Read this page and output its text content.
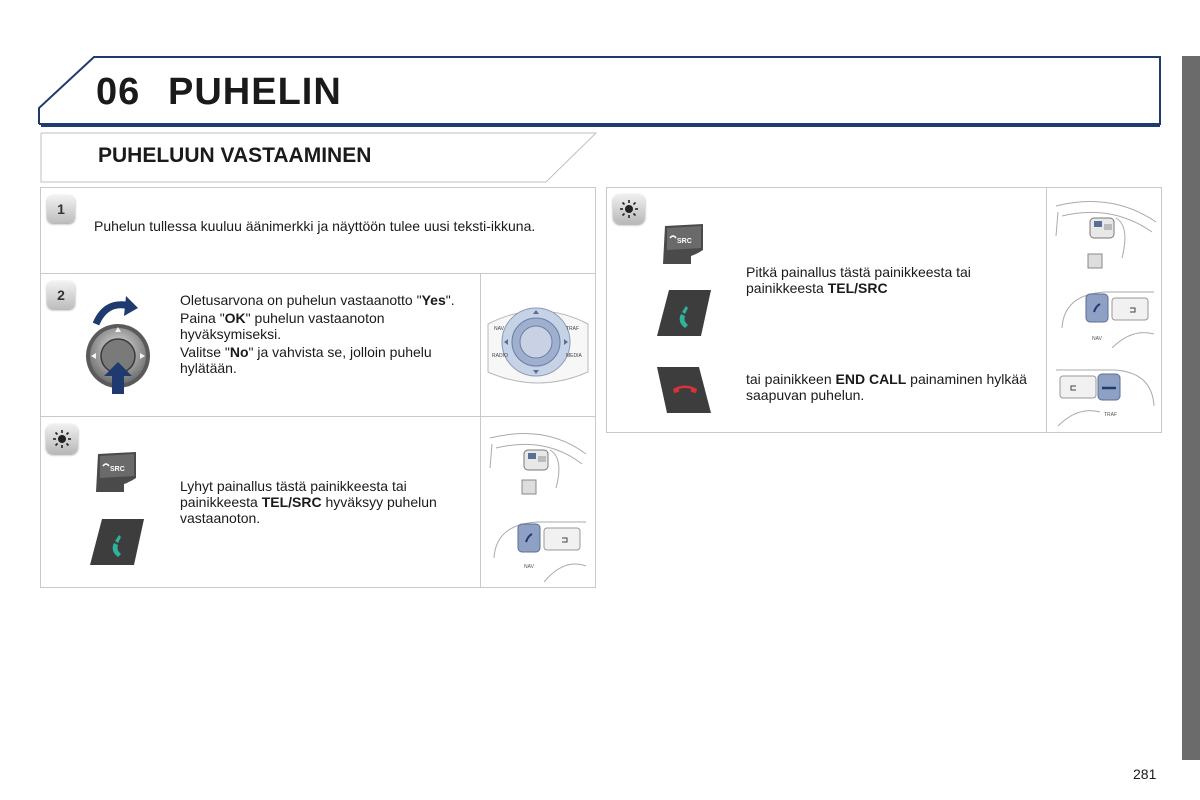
06 PUHELIN
PUHELUUN VASTAAMINEN
1
Puhelun tullessa kuuluu äänimerkki ja näyttöön tulee uusi teksti-ikkuna.
2	Oletusarvona on puhelun vastaanotto "Yes".

Paina "OK" puhelun vastaanoton hyväksymiseksi.

Valitse "No" ja vahvista se, jolloin puhelu hylätään.

NAV	TRAF
RADIO	MEDIA
SRC
Lyhyt painallus tästä painikkeesta tai painikkeesta TEL/SRC hyväksyy puhelun vastaanoton.
NAV
SRC
Pitkä painallus tästä painikkeesta tai painikkeesta TEL/SRC
tai painikkeen END CALL painaminen hylkää saapuvan puhelun.
NAV
TRAF
281
